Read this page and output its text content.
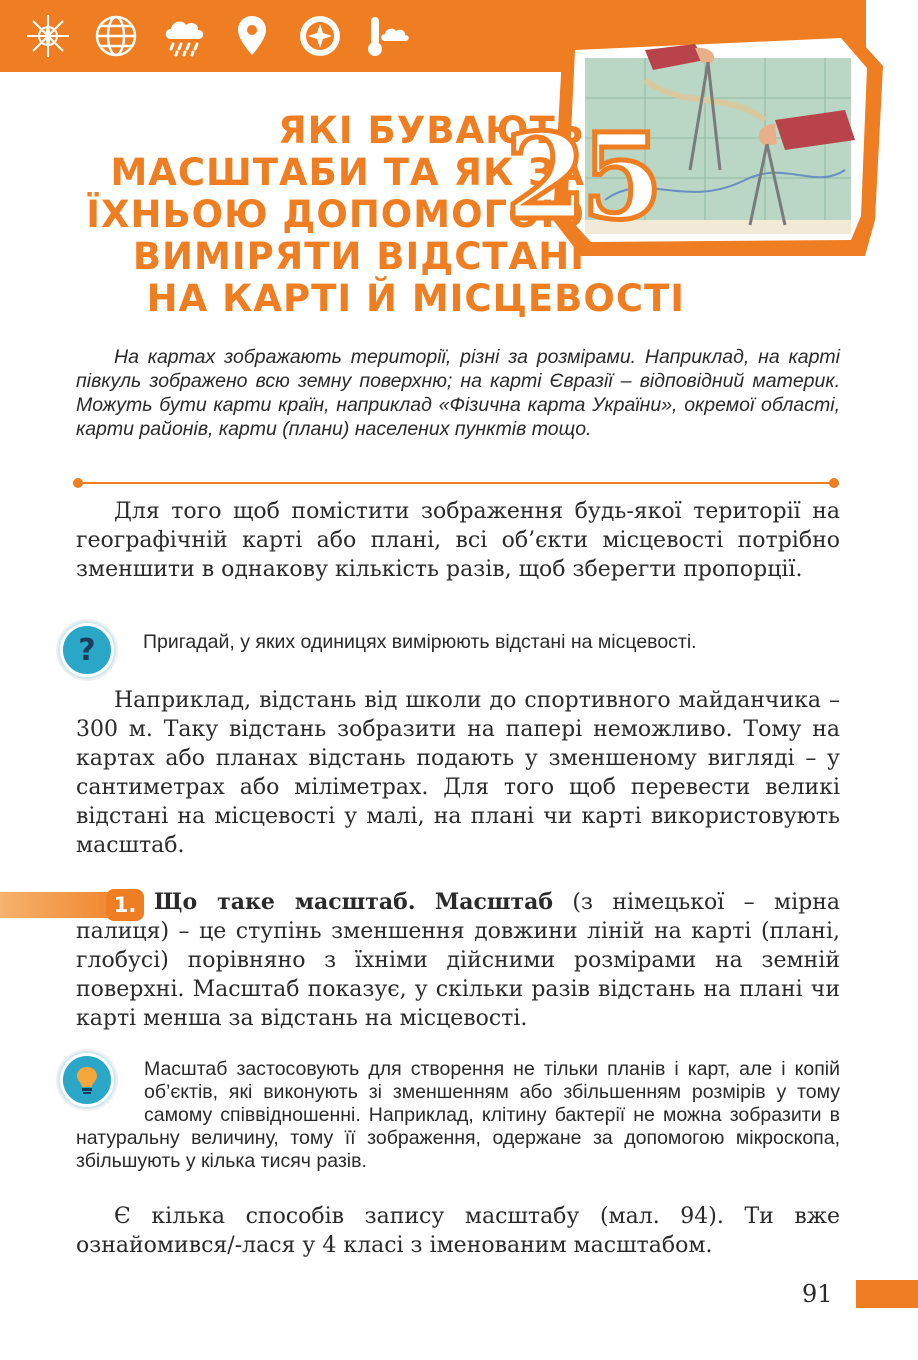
ЯКІ БУВАЮТЬ
МАСШТАБИ ТА ЯК ЗА
ЇХНЬОЮ ДОПОМОГОЮ
ВИМІРЯТИ ВІДСТАНІ
НА КАРТІ Й МІСЦЕВОСТІ
25
На картах зображають території, різні за розмірами. Наприклад, на карті півкуль зображено всю земну поверхню; на карті Євразії – відповідний материк. Можуть бути карти країн, наприклад «Фізична карта України», окремої області, карти районів, карти (плани) населених пунктів тощо.
Для того щоб помістити зображення будь-якої території на географічній карті або плані, всі об’єкти місцевості потрібно зменшити в однакову кількість разів, щоб зберегти пропорції.
? Пригадай, у яких одиницях вимірюють відстані на місцевості.
Наприклад, відстань від школи до спортивного майданчика – 300 м. Таку відстань зобразити на папері неможливо. Тому на картах або планах відстань подають у зменшеному вигляді – у сантиметрах або міліметрах. Для того щоб перевести великі відстані на місцевості у малі, на плані чи карті використовують масштаб.
1. Що таке масштаб. Масштаб (з німецької – мірна палиця) – це ступінь зменшення довжини ліній на карті (плані, глобусі) порівняно з їхніми дійсними розмірами на земній поверхні. Масштаб показує, у скільки разів відстань на плані чи карті менша за відстань на місцевості.
Масштаб застосовують для створення не тільки планів і карт, але і копій об’єктів, які виконують зі зменшенням або збільшенням розмірів у тому самому співвідношенні. Наприклад, клітину бактерії не можна зобразити в натуральну величину, тому її зображення, одержане за допомогою мікроскопа, збільшують у кілька тисяч разів.
Є кілька способів запису масштабу (мал. 94). Ти вже ознайомився/-лася у 4 класі з іменованим масштабом.
91
